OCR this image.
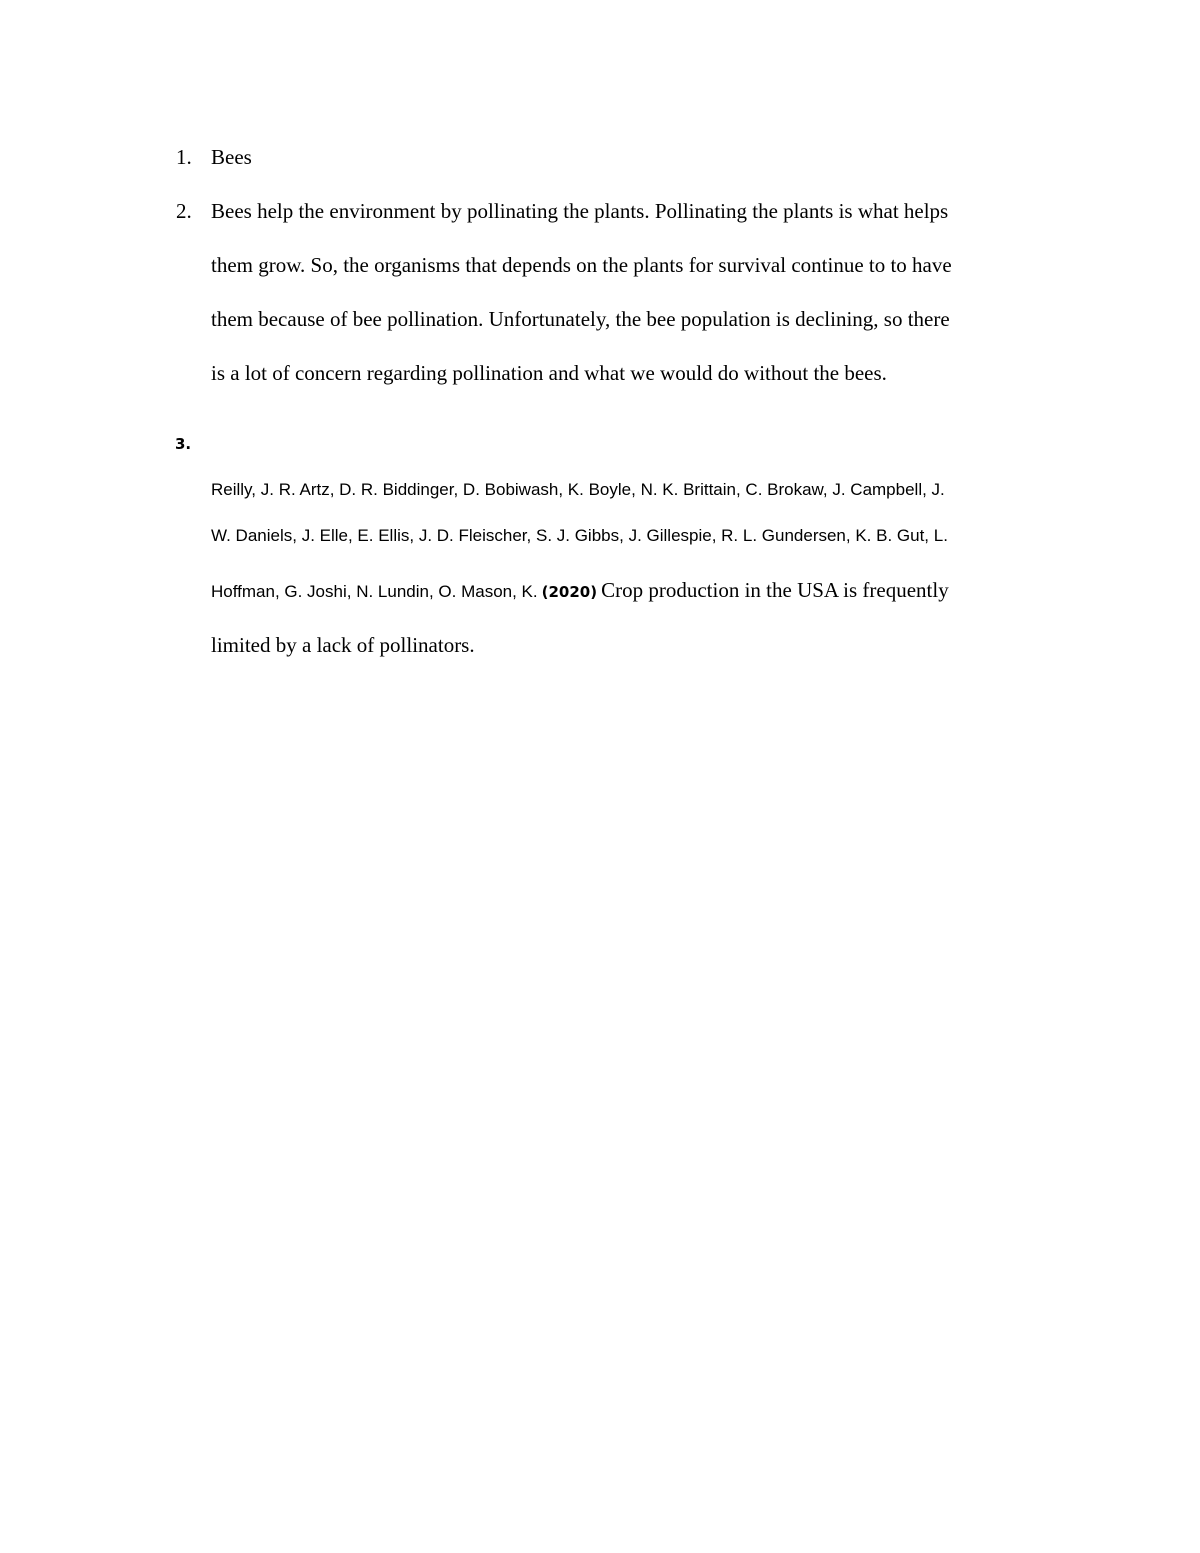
1. Bees
2. Bees help the environment by pollinating the plants. Pollinating the plants is what helps
them grow. So, the organisms that depends on the plants for survival continue to to have
them because of bee pollination. Unfortunately, the bee population is declining, so there
is a lot of concern regarding pollination and what we would do without the bees.
3.
Reilly, J. R. Artz, D. R. Biddinger, D. Bobiwash, K. Boyle, N. K. Brittain, C. Brokaw, J. Campbell, J.
W. Daniels, J. Elle, E. Ellis, J. D. Fleischer, S. J. Gibbs, J. Gillespie, R. L. Gundersen, K. B. Gut, L.
Hoffman, G. Joshi, N. Lundin, O. Mason, K. (2020) Crop production in the USA is frequently
limited by a lack of pollinators.
